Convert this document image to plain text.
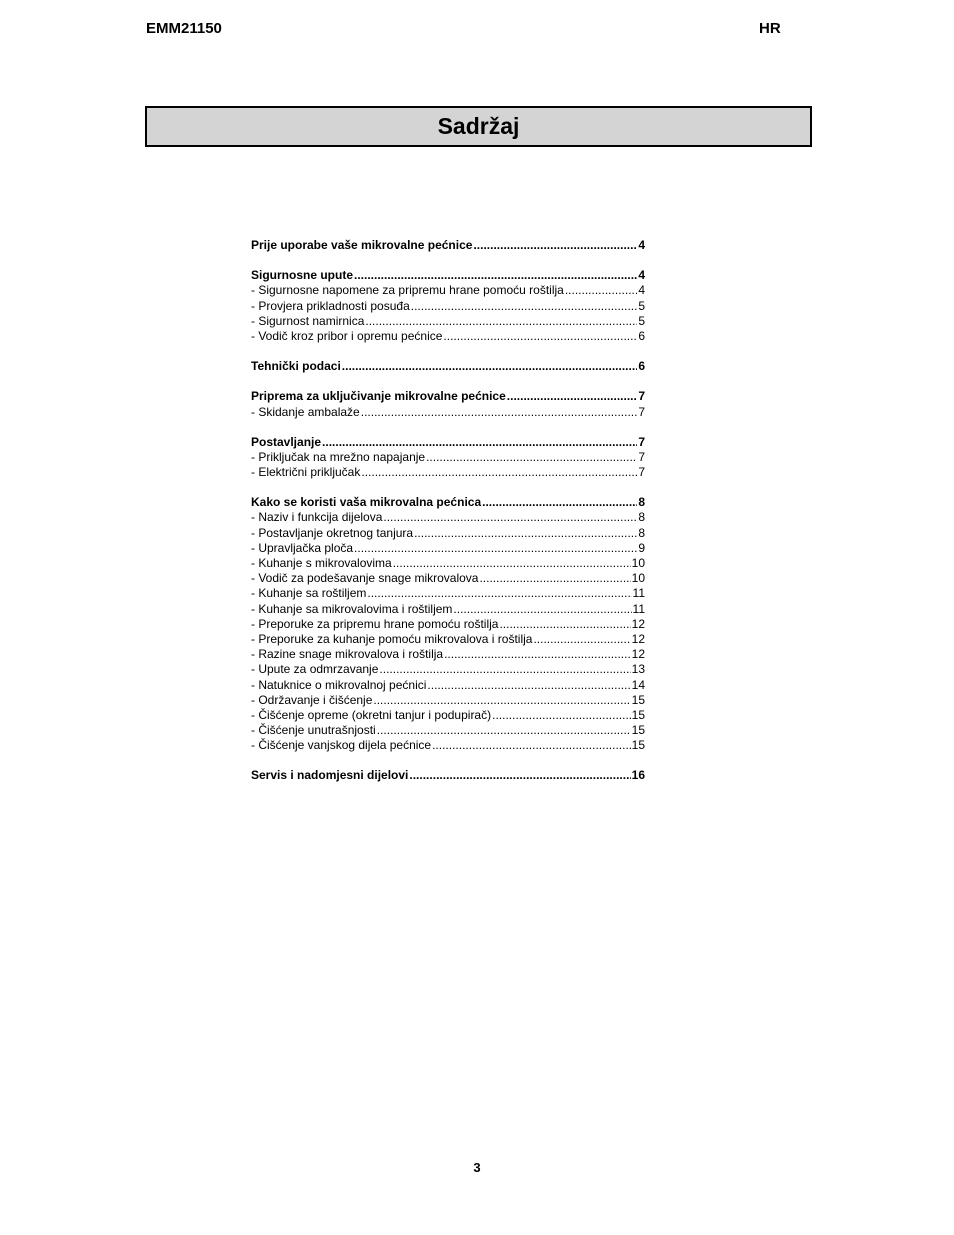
EMM21150	HR
Sadržaj
Prije uporabe vaše mikrovalne pećnice .....	4
Sigurnosne upute .....	4
- Sigurnosne napomene za pripremu hrane pomoću roštilja .....	4
- Provjera prikladnosti posuđa .....	5
- Sigurnost namirnica .....	5
- Vodič kroz pribor i opremu pećnice .....	6
Tehnički podaci .....	6
Priprema za uključivanje mikrovalne pećnice .....	7
- Skidanje ambalaže .....	7
Postavljanje .....	7
- Priključak na mrežno napajanje .....	7
- Električni priključak .....	7
Kako se koristi vaša mikrovalna pećnica .....	8
- Naziv i funkcija dijelova .....	8
- Postavljanje okretnog tanjura .....	8
- Upravljačka ploča .....	9
- Kuhanje s mikrovalovima .....	10
- Vodič za podešavanje snage mikrovalova .....	10
- Kuhanje sa roštiljem .....	11
- Kuhanje sa mikrovalovima i roštiljem .....	11
- Preporuke za pripremu hrane pomoću roštilja .....	12
- Preporuke za kuhanje pomoću mikrovalova i roštilja .....	12
- Razine snage mikrovalova i roštilja .....	12
- Upute za odmrzavanje .....	13
- Natuknice o mikrovalnoj pećnici .....	14
- Održavanje i čišćenje .....	15
- Čišćenje opreme (okretni tanjur i podupirač) .....	15
- Čišćenje unutrašnjosti .....	15
- Čišćenje vanjskog dijela pećnice .....	15
Servis i nadomjesni dijelovi .....	16
3
